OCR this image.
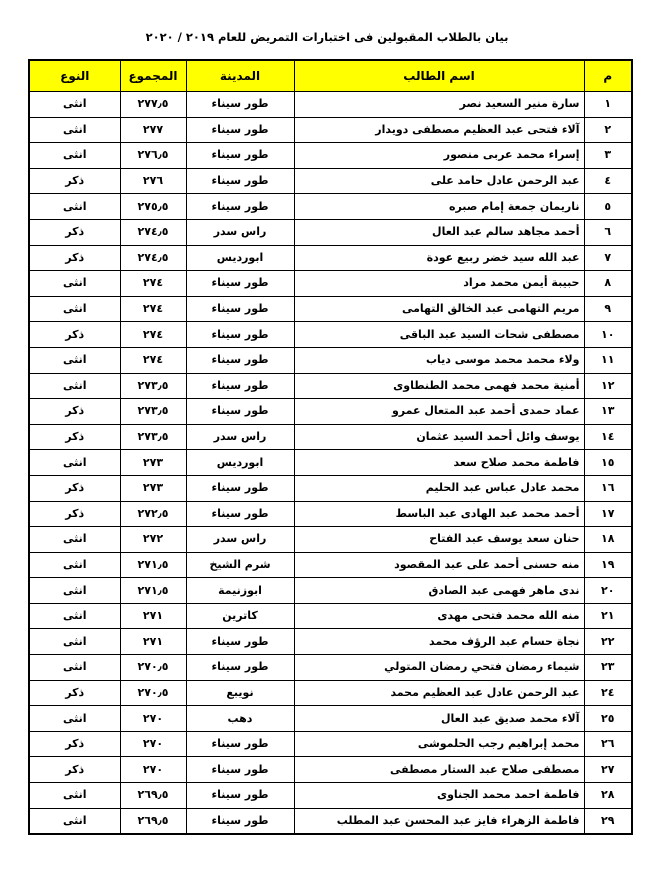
بيان بالطلاب المقبولين فى اختبارات التمريض للعام ٢٠١٩ / ٢٠٢٠
م	اسم الطالب	المدينة	المجموع	النوع
١	سارة منير السعيد نصر	طور سيناء	٢٧٧٫٥	انثى
٢	آلاء فتحى عبد العظيم مصطفى دويدار	طور سيناء	٢٧٧	انثى
٣	إسراء محمد عربى منصور	طور سيناء	٢٧٦٫٥	انثى
٤	عبد الرحمن عادل حامد على	طور سيناء	٢٧٦	ذكر
٥	ناريمان جمعة إمام صبره	طور سيناء	٢٧٥٫٥	انثى
٦	أحمد مجاهد سالم عبد العال	راس سدر	٢٧٤٫٥	ذكر
٧	عبد الله سيد خضر ربيع عودة	ابورديس	٢٧٤٫٥	ذكر
٨	حبيبة أيمن محمد مراد	طور سيناء	٢٧٤	انثى
٩	مريم التهامى عبد الخالق التهامى	طور سيناء	٢٧٤	انثى
١٠	مصطفى شحات السيد عبد الباقى	طور سيناء	٢٧٤	ذكر
١١	ولاء محمد محمد موسى دياب	طور سيناء	٢٧٤	انثى
١٢	أمنية محمد فهمى محمد الطنطاوى	طور سيناء	٢٧٣٫٥	انثى
١٣	عماد حمدى أحمد عبد المتعال عمرو	طور سيناء	٢٧٣٫٥	ذكر
١٤	يوسف وائل أحمد السيد عثمان	راس سدر	٢٧٣٫٥	ذكر
١٥	فاطمة محمد صلاح سعد	ابورديس	٢٧٣	انثى
١٦	محمد عادل عباس عبد الحليم	طور سيناء	٢٧٣	ذكر
١٧	أحمد محمد عبد الهادى عبد الباسط	طور سيناء	٢٧٢٫٥	ذكر
١٨	حنان سعد يوسف عبد الفتاح	راس سدر	٢٧٢	انثى
١٩	منه حسنى أحمد على عبد المقصود	شرم الشيخ	٢٧١٫٥	انثى
٢٠	ندى ماهر فهمى عبد الصادق	ابوزنيمة	٢٧١٫٥	انثى
٢١	منه الله محمد فتحى مهدى	كاترين	٢٧١	انثى
٢٢	نجاة حسام عبد الرؤف محمد	طور سيناء	٢٧١	انثى
٢٣	شيماء رمضان فتحي رمضان المتولي	طور سيناء	٢٧٠٫٥	انثى
٢٤	عبد الرحمن عادل عبد العظيم محمد	نويبع	٢٧٠٫٥	ذكر
٢٥	آلاء محمد صديق عبد العال	دهب	٢٧٠	انثى
٢٦	محمد إبراهيم رجب الحلموشى	طور سيناء	٢٧٠	ذكر
٢٧	مصطفى صلاح عبد الستار مصطفى	طور سيناء	٢٧٠	ذكر
٢٨	فاطمة احمد محمد الجناوى	طور سيناء	٢٦٩٫٥	انثى
٢٩	فاطمة الزهراء فايز عبد المحسن عبد المطلب	طور سيناء	٢٦٩٫٥	انثى
